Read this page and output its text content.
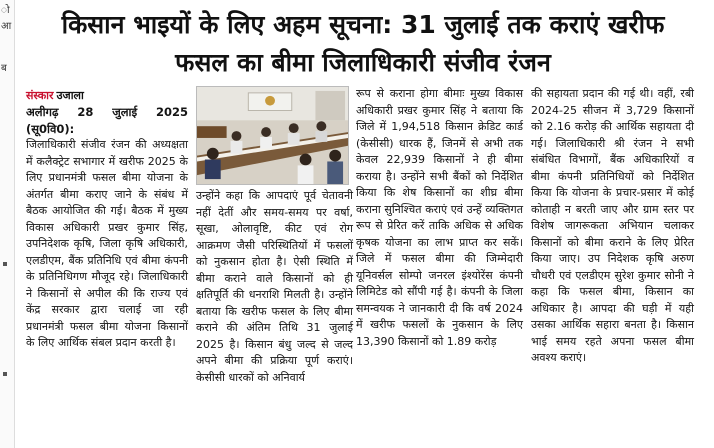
ो
आ
ब
किसान भाइयों के लिए अहम सूचना: 31 जुलाई तक कराएं खरीफ
फसल का बीमा जिलाधिकारी संजीव रंजन
संस्कार उजाला

अलीगढ़ 28 जुलाई 2025 (सू0वि0):

जिलाधिकारी संजीव रंजन की अध्यक्षता में कलैक्ट्रेट सभागार में खरीफ 2025 के लिए प्रधानमंत्री फसल बीमा योजना के अंतर्गत बीमा कराए जाने के संबंध में बैठक आयोजित की गई। बैठक में मुख्य विकास अधिकारी प्रखर कुमार सिंह, उपनिदेशक कृषि, जिला कृषि अधिकारी, एलडीएम, बैंक प्रतिनिधि एवं बीमा कंपनी के प्रतिनिधिगण मौजूद रहे। जिलाधिकारी ने किसानों से अपील की कि राज्य एवं केंद्र सरकार द्वारा चलाई जा रही प्रधानमंत्री फसल बीमा योजना किसानों के लिए आर्थिक संबल प्रदान करती है।

उन्होंने कहा कि आपदाएं पूर्व चेतावनी नहीं देतीं और समय-समय पर वर्षा, सूखा, ओलावृष्टि, कीट एवं रोग आक्रमण जैसी परिस्थितियों में फसलों को नुकसान होता है। ऐसी स्थिति में बीमा कराने वाले किसानों को ही क्षतिपूर्ति की धनराशि मिलती है। उन्होंने बताया कि खरीफ फसल के लिए बीमा कराने की अंतिम तिथि 31 जुलाई 2025 है। किसान बंधु जल्द से जल्द अपने बीमा की प्रक्रिया पूर्ण कराएं। केसीसी धारकों को अनिवार्य

रूप से कराना होगा बीमाः मुख्य विकास अधिकारी प्रखर कुमार सिंह ने बताया कि जिले में 1,94,518 किसान क्रेडिट कार्ड (केसीसी) धारक हैं, जिनमें से अभी तक केवल 22,939 किसानों ने ही बीमा कराया है। उन्होंने सभी बैंकों को निर्देशित किया कि शेष किसानों का शीघ्र बीमा कराना सुनिश्चित कराएं एवं उन्हें व्यक्तिगत रूप से प्रेरित करें ताकि अधिक से अधिक कृषक योजना का लाभ प्राप्त कर सकें। जिले में फसल बीमा की जिम्मेदारी यूनिवर्सल सोम्पो जनरल इंश्योरेंस कंपनी लिमिटेड को सौंपी गई है। कंपनी के जिला समन्वयक ने जानकारी दी कि वर्ष 2024 में खरीफ फसलों के नुकसान के लिए 13,390 किसानों को 1.89 करोड़

की सहायता प्रदान की गई थी। वहीं, रबी 2024-25 सीजन में 3,729 किसानों को 2.16 करोड़ की आर्थिक सहायता दी गई। जिलाधिकारी श्री रंजन ने सभी संबंधित विभागों, बैंक अधिकारियों व बीमा कंपनी प्रतिनिधियों को निर्देशित किया कि योजना के प्रचार-प्रसार में कोई कोताही न बरती जाए और ग्राम स्तर पर विशेष जागरूकता अभियान चलाकर किसानों को बीमा कराने के लिए प्रेरित किया जाए। उप निदेशक कृषि अरुण चौधरी एवं एलडीएम सुरेश कुमार सोनी ने कहा कि फसल बीमा, किसान का अधिकार है। आपदा की घड़ी में यही उसका आर्थिक सहारा बनता है। किसान भाई समय रहते अपना फसल बीमा अवश्य कराएं।
